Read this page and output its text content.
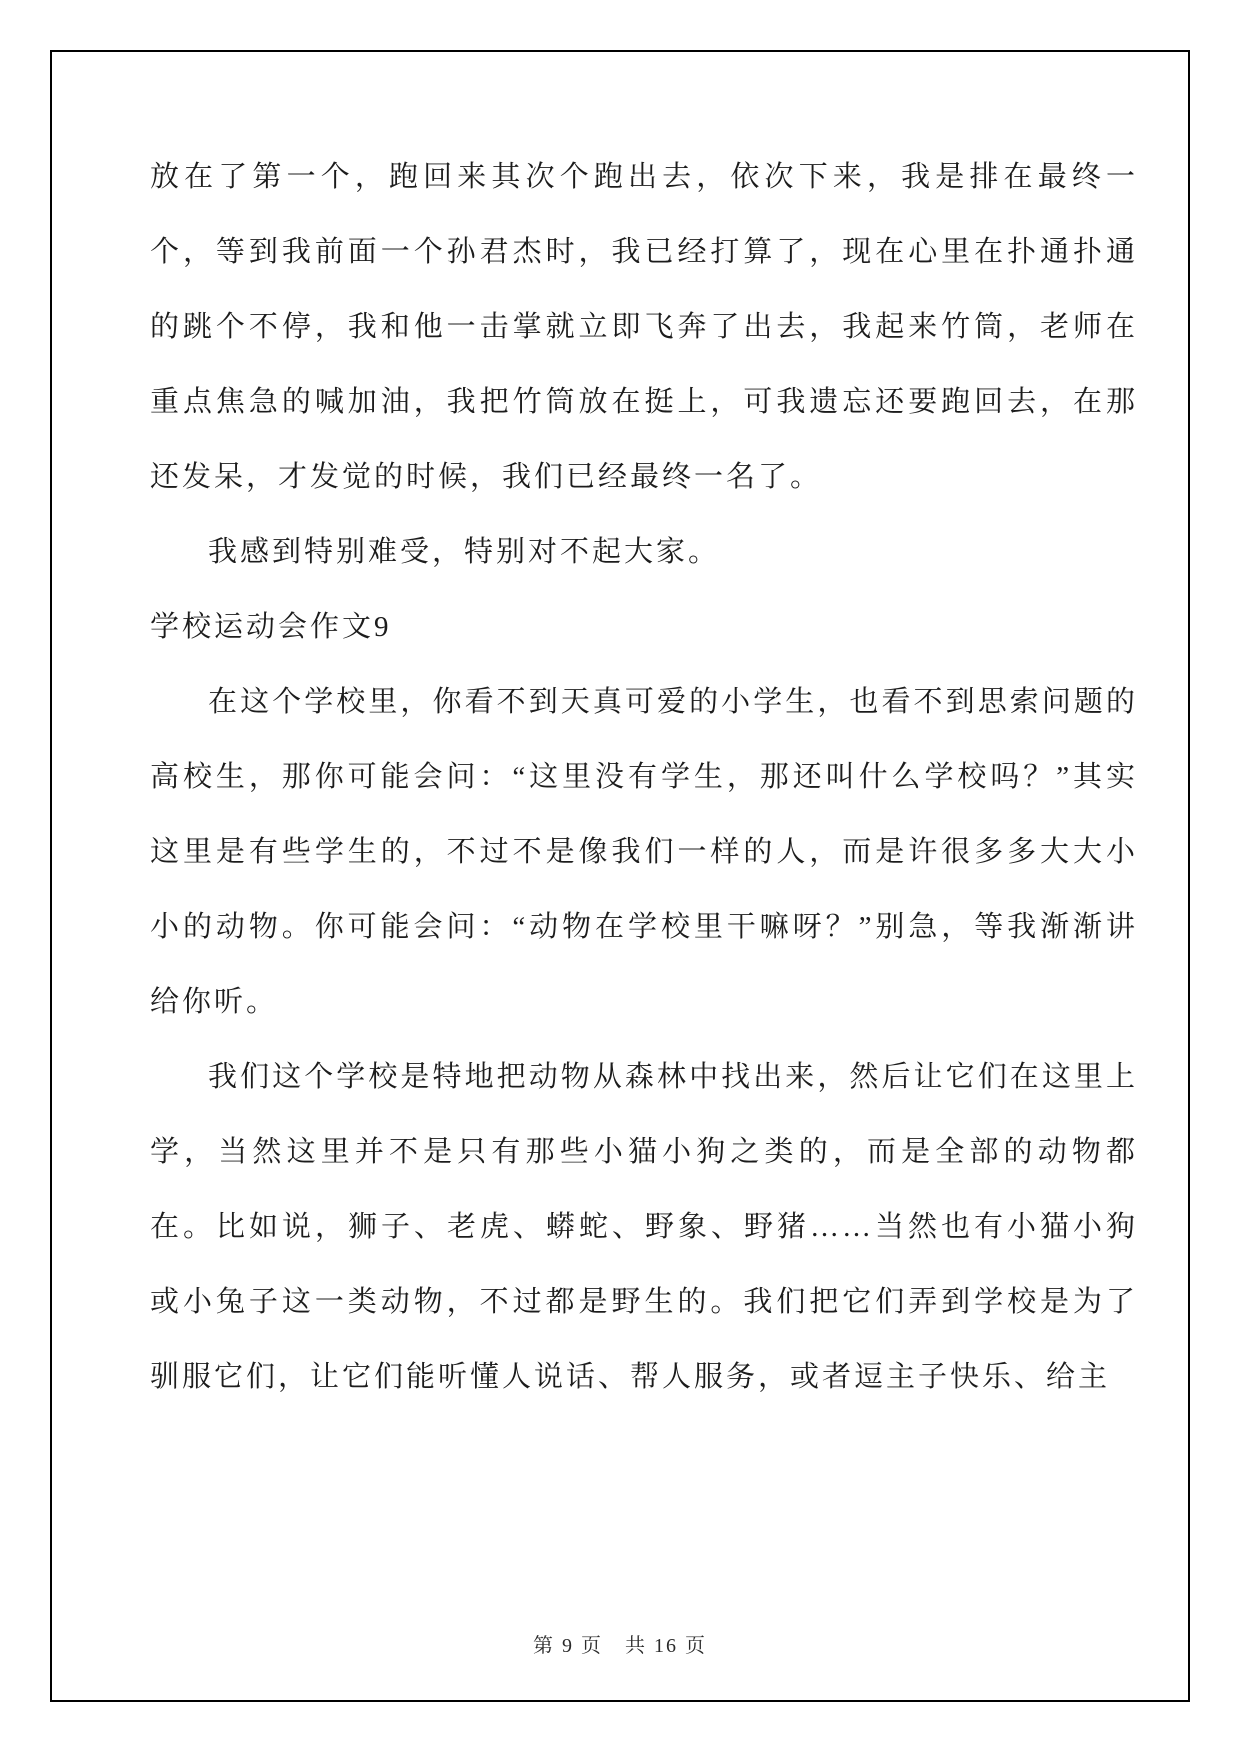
放在了第一个，跑回来其次个跑出去，依次下来，我是排在最终一个，等到我前面一个孙君杰时，我已经打算了，现在心里在扑通扑通的跳个不停，我和他一击掌就立即飞奔了出去，我起来竹筒，老师在重点焦急的喊加油，我把竹筒放在挺上，可我遗忘还要跑回去，在那还发呆，才发觉的时候，我们已经最终一名了。

我感到特别难受，特别对不起大家。

学校运动会作文9

在这个学校里，你看不到天真可爱的小学生，也看不到思索问题的高校生，那你可能会问：“这里没有学生，那还叫什么学校吗？”其实这里是有些学生的，不过不是像我们一样的人，而是许很多多大大小小的动物。你可能会问：“动物在学校里干嘛呀？”别急，等我渐渐讲给你听。

我们这个学校是特地把动物从森林中找出来，然后让它们在这里上学，当然这里并不是只有那些小猫小狗之类的，而是全部的动物都在。比如说，狮子、老虎、蟒蛇、野象、野猪……当然也有小猫小狗或小兔子这一类动物，不过都是野生的。我们把它们弄到学校是为了驯服它们，让它们能听懂人说话、帮人服务，或者逗主子快乐、给主

第 9 页 共 16 页
